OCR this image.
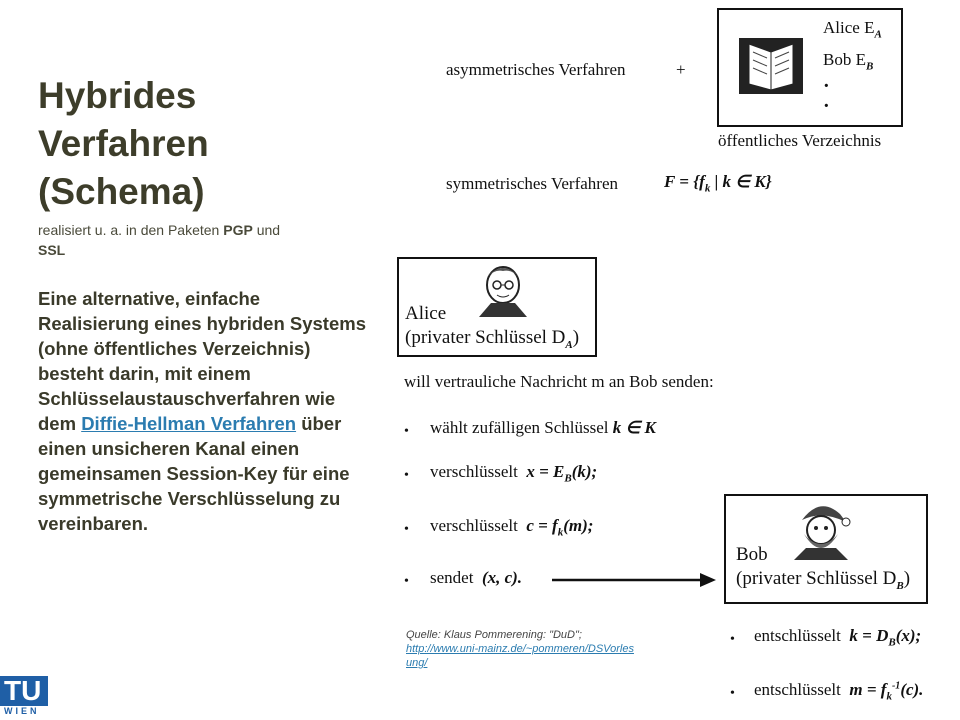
Hybrides
Verfahren
(Schema)
realisiert u. a. in den Paketen PGP und
SSL
Eine alternative, einfache Realisierung eines hybriden Systems (ohne öffentliches Verzeichnis) besteht darin, mit einem Schlüsselaustauschverfahren wie dem Diffie-Hellman Verfahren über einen unsicheren Kanal einen gemeinsamen Session-Key für eine symmetrische Verschlüsselung zu vereinbaren.
asymmetrisches Verfahren	+
Alice $E_A$
Bob $E_B$
·
·
öffentliches Verzeichnis
symmetrisches Verfahren	$F = \{f_k$ | k ∈ K}
Alice
(privater Schlüssel $D_A$)
will vertrauliche Nachricht m an Bob senden:
• wählt zufälligen Schlüssel k ∈ K
• verschlüsselt $x = E_B(k)$;
• verschlüsselt $c = f_k(m)$;
• sendet (x, c).
Bob
(privater Schlüssel $D_B$)
• entschlüsselt $k = D_B(x)$;
• entschlüsselt $m = f_k^{-1}(c)$.
Quelle: Klaus Pommerening: "DuD";
http://www.uni-mainz.de/~pommeren/DSVorlesung/
TU
WIEN
